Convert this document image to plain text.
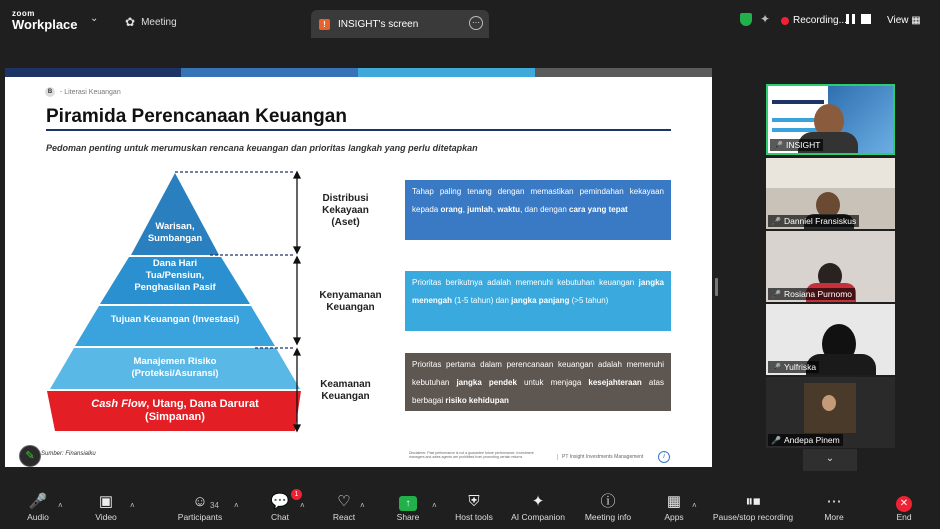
zoom
Workplace ⌄ ✿ Meeting	!	INSIGHT's screen	···	✦ Recording...	View ▦
B	- Literasi Keuangan
Piramida Perencanaan Keuangan
Pedoman penting untuk merumuskan rencana keuangan dan prioritas langkah yang perlu ditetapkan
Warisan, Sumbangan
Dana Hari Tua/Pensiun, Penghasilan Pasif
Tujuan Keuangan (Investasi)
Manajemen Risiko (Proteksi/Asuransi)
Cash Flow, Utang, Dana Darurat (Simpanan)
Distribusi Kekayaan (Aset)
Kenyamanan Keuangan
Keamanan Keuangan
Tahap paling tenang dengan memastikan pemindahan kekayaan kepada orang, jumlah, waktu, dan dengan cara yang tepat
Prioritas berikutnya adalah memenuhi kebutuhan keuangan jangka menengah (1-5 tahun) dan jangka panjang (>5 tahun)
Prioritas pertama dalam perencanaan keuangan adalah memenuhi kebutuhan jangka pendek untuk menjaga kesejahteraan atas berbagai risiko kehidupan
Sumber: Finansialku	Disclaimer: Past performance is not a guarantee future performance. Investment managers and sales agents are prohibited from promoting certain returns	PT Insight Investments Management	i
✎
🎤 INSIGHT
🎤 Danniel Fransiskus
🎤 Rosiana Purnomo
🎤 Yulfriska
🎤 Andepa Pinem
⌄
🎤
Audio
˄	▣
Video
˄	☺ 34
Participants
˄	💬 1
Chat
˄	♡
React
˄	↑
Share
˄	⛨
Host tools
✦
AI Companion
ⓘ
Meeting info
▦
Apps
˄	⏸⏹
Pause/stop recording
⋯
More
✕
End
